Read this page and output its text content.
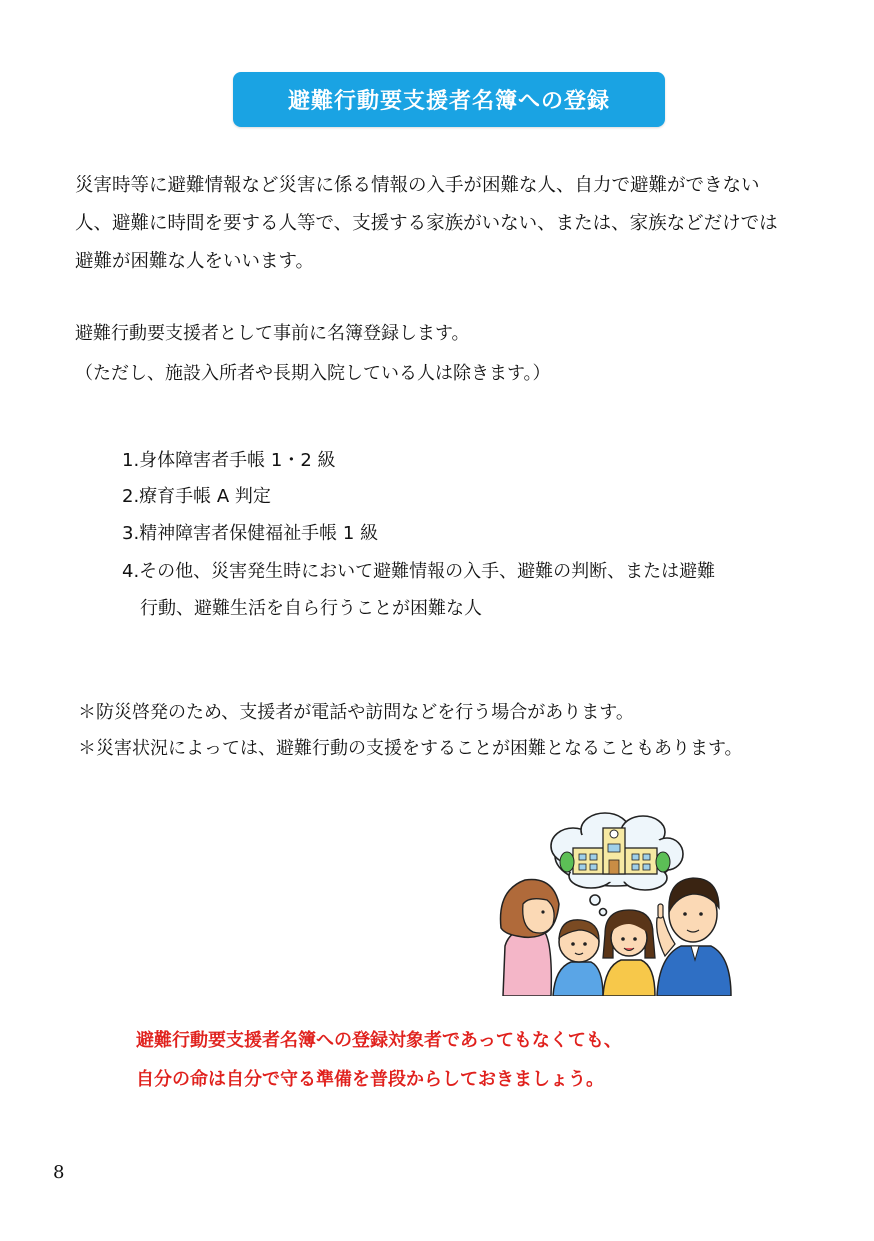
避難行動要支援者名簿への登録
災害時等に避難情報など災害に係る情報の入手が困難な人、自力で避難ができない
人、避難に時間を要する人等で、支援する家族がいない、または、家族などだけでは
避難が困難な人をいいます。
避難行動要支援者として事前に名簿登録します。
（ただし、施設入所者や長期入院している人は除きます。）
1.身体障害者手帳 1・2 級
2.療育手帳 A 判定
3.精神障害者保健福祉手帳 1 級
4.その他、災害発生時において避難情報の入手、避難の判断、または避難
行動、避難生活を自ら行うことが困難な人
＊防災啓発のため、支援者が電話や訪問などを行う場合があります。
＊災害状況によっては、避難行動の支援をすることが困難となることもあります。
避難行動要支援者名簿への登録対象者であってもなくても、
自分の命は自分で守る準備を普段からしておきましょう。
8
